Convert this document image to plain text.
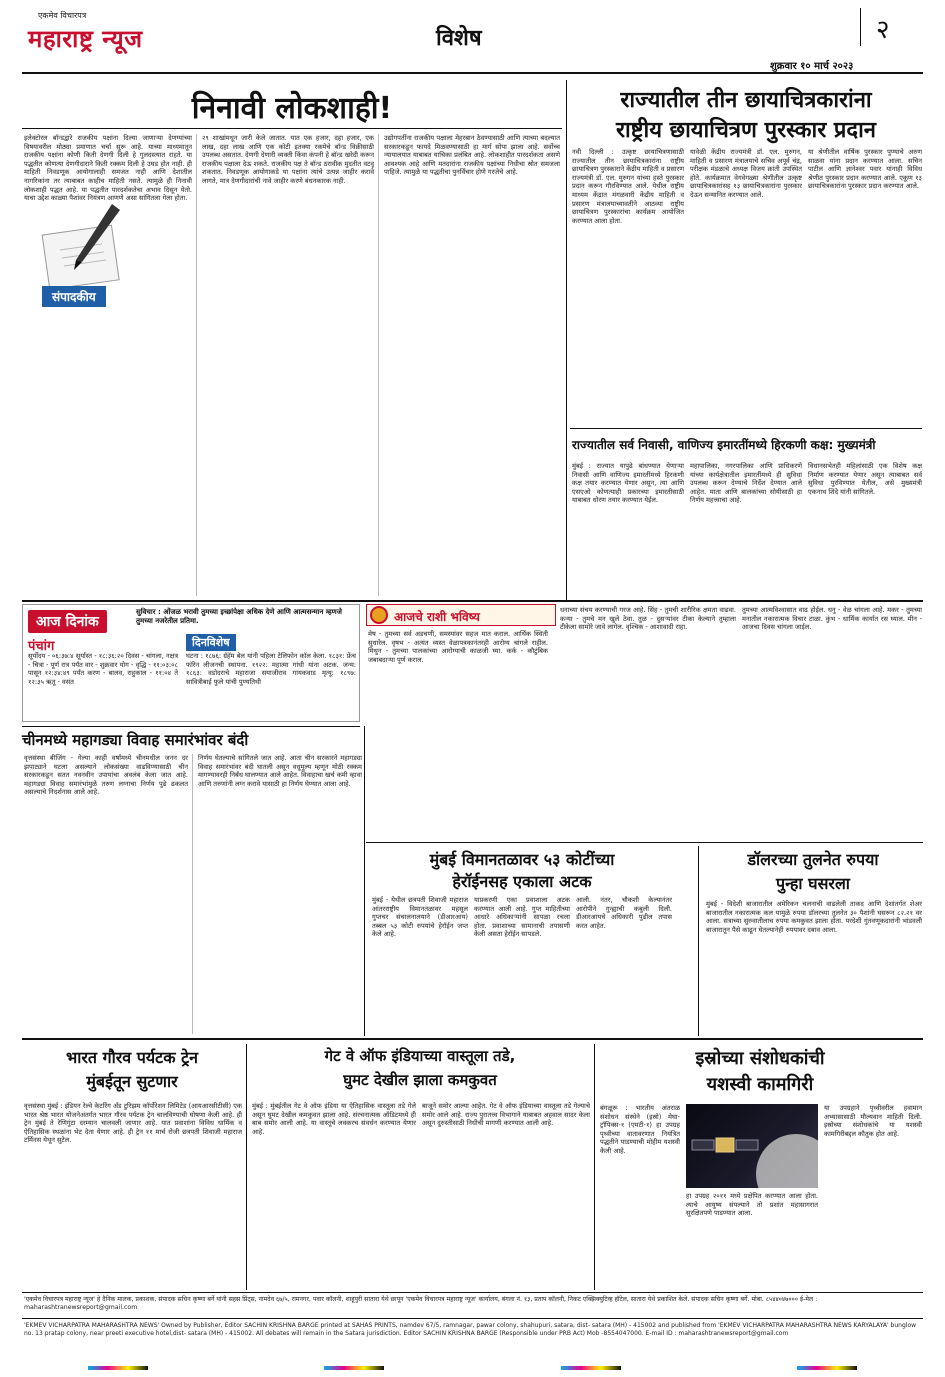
एकमेव विचारपत्र
महाराष्ट्र न्यूज	विशेष	२
शुक्रवार १० मार्च २०२३
निनावी लोकशाही!
संपादकीय
इलेक्टोरल बॉन्डद्वारे राजकीय पक्षांना दिल्या जाणाऱ्या देणग्यांच्या विषयावरील मोठ्या प्रमाणात चर्चा सुरू आहे. याच्या माध्यमातून राजकीय पक्षांना कोणी किती देणगी दिली हे गुलदस्त्यात राहते. या पद्धतीत कोणत्या देणगीदाराने किती रक्कम दिली हे उघड होत नाही. ही माहिती निवडणूक आयोगालाही समजत नाही आणि देशातील नागरिकांना तर त्याबाबत काहीच माहिती नसते. त्यामुळे ही निनावी लोकशाही पद्धत आहे. या पद्धतीत पारदर्शकतेचा अभाव दिसून येतो. याचा उद्देश काळ्या पैशांवर नियंत्रण आणणे असा सांगितला गेला होता.
२९ शाखांमधून जारी केले जातात. यात एक हजार, दहा हजार, एक लाख, दहा लाख आणि एक कोटी इतक्या रकमेचे बॉन्ड विक्रीसाठी उपलब्ध असतात. देणगी देणारी व्यक्ती किंवा कंपनी हे बॉन्ड खरेदी करून राजकीय पक्षाला देऊ शकते. राजकीय पक्ष ते बॉन्ड ठरावीक मुदतीत वटवू शकतात. निवडणूक आयोगाकडे या पक्षांना त्यांचे उत्पन्न जाहीर करावे लागते, मात्र देणगीदारांची नावे जाहीर करणे बंधनकारक नाही.
उद्योगपतींना राजकीय पक्षाला मेहरबान ठेवण्यासाठी आणि त्याच्या बदल्यात सरकारकडून फायदे मिळवण्यासाठी हा मार्ग सोपा झाला आहे. सर्वोच्च न्यायालयात याबाबत याचिका प्रलंबित आहे. लोकशाहीत पारदर्शकता असणे आवश्यक आहे आणि मतदारांना राजकीय पक्षांच्या निधीचा स्रोत समजला पाहिजे. त्यामुळे या पद्धतीचा पुनर्विचार होणे गरजेचे आहे.
राज्यातील तीन छायाचित्रकारांना
राष्ट्रीय छायाचित्रण पुरस्कार प्रदान
नवी दिल्ली : उत्कृष्ट छायाचित्रणासाठी राज्यातील तीन छायाचित्रकारांना राष्ट्रीय छायाचित्रण पुरस्काराने केंद्रीय माहिती व प्रसारण राज्यमंत्री डॉ. एल. मुरुगन यांच्या हस्ते पुरस्कार प्रदान करून गौरविण्यात आले. येथील राष्ट्रीय माध्यम केंद्रात मंगळवारी केंद्रीय माहिती व प्रसारण मंत्रालयाच्यावतीने आठव्या राष्ट्रीय छायाचित्रण पुरस्कारांचा कार्यक्रम आयोजित करण्यात आला होता.
यावेळी केंद्रीय राज्यमंत्री डॉ. एल. मुरुगन, माहिती व प्रसारण मंत्रालयाचे सचिव अपूर्व चंद्र, परीक्षक मंडळाचे अध्यक्ष विजय क्रांती उपस्थित होते. कार्यक्रमात वेगवेगळ्या श्रेणीतील उत्कृष्ट छायाचित्रकारांसह १३ छायाचित्रकारांना पुरस्कार देऊन सन्मानित करण्यात आले.
या श्रेणीतील वार्षिक पुरस्कार पुण्याचे अरुण साळवा यांना प्रदान करण्यात आला. सचिन पाटील आणि ज्ञानेश्वर पवार यांनाही विविध श्रेणीत पुरस्कार प्रदान करण्यात आले. एकूण १३ छायाचित्रकारांना पुरस्कार प्रदान करण्यात आले.
राज्यातील सर्व निवासी, वाणिज्य इमारतींमध्ये हिरकणी कक्ष: मुख्यमंत्री
मुंबई : राज्यात यापुढे बांधण्यात येणाऱ्या निवासी आणि वाणिज्य इमारतींमध्ये हिरकणी कक्ष तयार करण्यात येणार असून, त्या आणि एसएओ कोणत्याही प्रकारच्या इमारतीसाठी याबाबत धोरण तयार करण्यात येईल.
महापालिका, नगरपालिका आणि प्राधिकरणे यांच्या कार्यक्षेत्रातील इमारतींमध्ये ही सुविधा उपलब्ध करून देण्याचे निर्देश देण्यात आले आहेत. माता आणि बालकांच्या सोयीसाठी हा निर्णय महत्त्वाचा आहे.
विधानसभेतही महिलांसाठी एक विशेष कक्ष निर्माण करण्यात येणार असून त्याबाबत सर्व सुविधा पुरविण्यात येतील, असे मुख्यमंत्री एकनाथ शिंदे यांनी सांगितले.
आज दिनांक
सुविचार : ओंजळ भरावी तुमच्या इच्छांपेक्षा अधिक देणे आणि आत्मसन्मान म्हणजे तुमच्या नजरेतील प्रतिमा.
पंचांग
सूर्योदय - ०६:३७:४ सूर्यास्त - १८:३६:२० दिवस - चांगला, नक्षत्र - चित्रा - पूर्ण रात्र पर्यंत वार - शुक्रवार योग - वृद्धि - ११:०३:०८ पासून १२:३४:४९ पर्यंत करण - बालव, राहुकाल - ११:०४ ते १२:३५ ऋतू - वसंत
दिनविशेष
घटना : १८७६: ग्रॅहॅम बेल यांनी पहिला टेलिफोन कॉल केला. १८३१: फ्रेंच फॉरेन लीजनची स्थापना. १९२२: महात्मा गांधी यांना अटक. जन्म: १८६३: वडोदराचे महाराजा सयाजीराव गायकवाड मृत्यू: १८९७: सावित्रीबाई फुले यांची पुण्यतिथी
आजचे राशी भविष्य
मेष - तुमच्या सर्व अडचणी, समस्यांवर सहज मात कराल. आर्थिक स्थिती सुधारेल. वृषभ - अत्यंत व्यस्त वेळापत्रकानंतरही आरोग्य चांगले राहील. मिथुन - तुमच्या पालकांच्या आरोग्याची काळजी घ्या. कर्क - कौटुंबिक जबाबदाऱ्या पूर्ण कराल.
धनाच्या संचय करण्याची गरज आहे. सिंह - तुमची शारीरिक क्षमता वाढवा. कन्या - तुमचे मन खुले ठेवा. तुळ - दुसऱ्यांवर टीका केल्याने तुम्हाला टीकेला सामोरे जावे लागेल. वृश्चिक - आशावादी राहा.
तुमच्या आत्मविश्वासात वाढ होईल. धनु - वेळ चांगला आहे. मकर - तुमच्या मनातील नकारात्मक विचार टाळा. कुंभ - धार्मिक कार्यात रस घ्याल. मीन - आजचा दिवस चांगला जाईल.
चीनमध्ये महागड्या विवाह समारंभांवर बंदी
वृत्तसंस्था बीजिंग - गेल्या काही वर्षांमध्ये चीनमधील जनन दर झपाट्याने घटला असल्याने लोकसंख्या वाढविण्यासाठी चीन सरकारकडून सतत नवनवीन उपायांचा अवलंब केला जात आहे. महागड्या विवाह समारंभांमुळे तरुण लग्नाचा निर्णय पुढे ढकलत असल्याचे निदर्शनास आले आहे.
निर्णय घेतल्याचे सांगितले जात आहे. आता चीन सरकारने महागड्या विवाह समारंभांवर बंदी घातली असून वधूमूल्य म्हणून मोठी रक्कम मागण्यावरही निर्बंध घालण्यात आले आहेत. विवाहाचा खर्च कमी व्हावा आणि तरुणांनी लग्न करावे यासाठी हा निर्णय घेण्यात आला आहे.
मुंबई विमानतळावर ५३ कोटींच्या
हेरॉईनसह एकाला अटक
मुंबई - येथील छत्रपती शिवाजी महाराज आंतरराष्ट्रीय विमानतळावर महसूल गुप्तचर संचालनालयाने (डीआरआय) तब्बल ५३ कोटी रुपयांचे हेरॉईन जप्त केले आहे.
याप्रकरणी एका प्रवाशाला अटक करण्यात आली आहे. गुप्त माहितीच्या आधारे अधिकाऱ्यांनी सापळा रचला होता. प्रवाशाच्या सामानाची तपासणी केली असता हेरॉईन सापडले.
आली. नंतर, चौकशी केल्यानंतर आरोपीने गुन्ह्याची कबुली दिली. डीआरआयचे अधिकारी पुढील तपास करत आहेत.
डॉलरच्या तुलनेत रुपया
पुन्हा घसरला
मुंबई - विदेशी बाजारातील अमेरिकन चलनाची वाढलेली ताकद आणि देशांतर्गत शेअर बाजारातील नकारात्मक कल यामुळे रुपया डॉलरच्या तुलनेत ३० पैशांनी घसरून ८२.२१ वर आला. सत्राच्या सुरुवातीलाच रुपया कमकुवत झाला होता. परदेशी गुंतवणूकदारांनी भांडवली बाजारातून पैसे काढून घेतल्यानेही रुपयावर दबाव आला.
भारत गौरव पर्यटक ट्रेन
मुंबईतून सुटणार
वृत्तसंस्था मुंबई : इंडियन रेल्वे केटरिंग अँड टुरिझम कॉर्पोरेशन लिमिटेड (आयआरसीटीसी) एक भारत श्रेष्ठ भारत योजनेअंतर्गत भारत गौरव पर्यटक ट्रेन चालविण्याची घोषणा केली आहे. ही ट्रेन मुंबई ते रेणिगुंटा दरम्यान चालवली जाणार आहे. यात प्रवाशांना विविध धार्मिक व ऐतिहासिक स्थळांना भेट देता येणार आहे. ही ट्रेन ११ मार्च रोजी छत्रपती शिवाजी महाराज टर्मिनस येथून सुटेल.
गेट वे ऑफ इंडियाच्या वास्तूला तडे,
घुमट देखील झाला कमकुवत
मुंबई : मुंबईतील गेट वे ऑफ इंडिया या ऐतिहासिक वास्तूला तडे गेले असून घुमट देखील कमकुवत झाला आहे. संरचनात्मक ऑडिटमध्ये ही बाब समोर आली आहे. या वास्तूचे लवकरच संवर्धन करण्यात येणार आहे.
बाजूने समोर आल्या आहेत. गेट वे ऑफ इंडियाच्या वास्तूला तडे गेल्याचे समोर आले आहे. राज्य पुरातत्त्व विभागाने याबाबत अहवाल सादर केला असून दुरुस्तीसाठी निधीची मागणी करण्यात आली आहे.
इस्रोच्या संशोधकांची
यशस्वी कामगिरी
बंगळूरू : भारतीय अंतराळ संशोधन संस्थेने (इस्रो) मेघा-ट्रॉपिक्स-१ (एमटी-१) हा उपग्रह पृथ्वीच्या वातावरणात नियंत्रित पद्धतीने पाडण्याची मोहीम यशस्वी केली आहे.
हा उपग्रह २०११ मध्ये प्रक्षेपित करण्यात आला होता. त्याचे आयुष्य संपल्याने तो प्रशांत महासागरात सुरक्षितपणे पाडण्यात आला.
या उपग्रहाने पृथ्वीवरील हवामान अभ्यासासाठी मौल्यवान माहिती दिली. इस्रोच्या संशोधकांचे या यशस्वी कामगिरीबद्दल कौतुक होत आहे.
'एकमेव विचारपत्र महाराष्ट्र न्यूज' हे दैनिक मालक, प्रकाशक, संपादक सचिन कृष्णा बर्गे यांनी सहस प्रिंट्स, नामदेव ६७/५, रामनगर, पवार कॉलनी, शाहूपुरी सातारा येथे छापून 'एकमेव विचारपत्र महाराष्ट्र न्यूज' कार्यालय, बंगला नं. १३, प्रताप कॉलनी, निकट एक्झिक्युटिव्ह हॉटेल, सातारा येथे प्रकाशित केले. संपादक सचिन कृष्णा बर्गे. मोबा. ८५४४०४७००० ई-मेल : maharashtranewsreport@gmail.com
'EKMEV VICHARPATRA MAHARASHTRA NEWS' Owned by Publisher, Editor SACHIN KRISHNA BARGE printed at SAHAS PRINTS, namdev 67/5, ramnagar, pawar colony, shahupuri, satara, dist- satara (MH) - 415002 and published from 'EKMEV VICHARPATRA MAHARASHTRA NEWS KARYALAYA' bunglow no. 13 pratap colony, near preeti executive hotel,dist- satara (MH) - 415002. All debates will remain in the Satara jurisdiction. Editor SACHIN KRISHNA BARGE (Responsible under PRB Act) Mob -8554047000. E-mail ID : maharashtranewsreport@gmail.com
